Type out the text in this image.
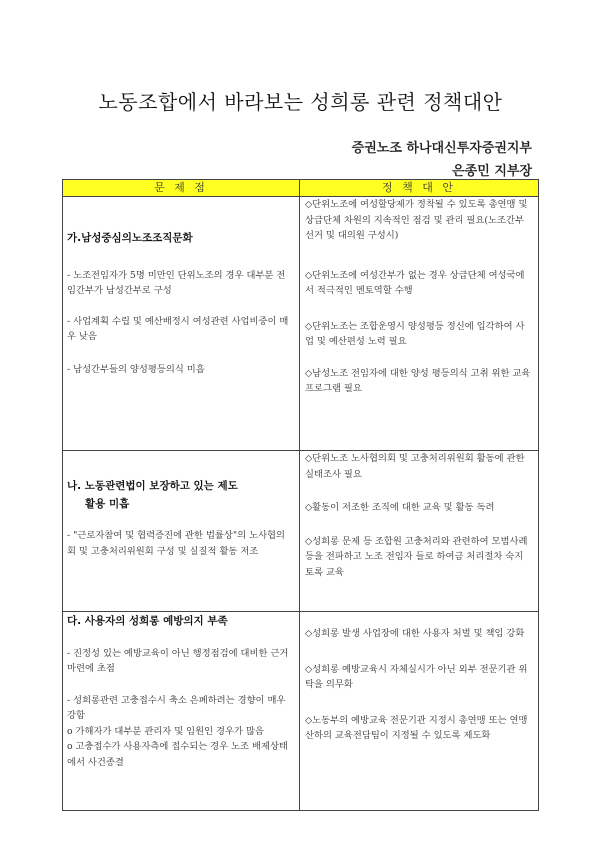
노동조합에서 바라보는 성희롱 관련 정책대안
증권노조 하나대신투자증권지부
은종민 지부장
문 제 점	정 책 대 안

가.남성중심의노조조직문화
- 노조전임자가 5명 미만인 단위노조의 경우 대부분 전임간부가 남성간부로 구성
- 사업계획 수립 및 예산배정시 여성관련 사업비중이 매우 낮음
- 남성간부들의 양성평등의식 미흡	◇단위노조에 여성할당제가 정착될 수 있도록 총연맹 및 상급단체 차원의 지속적인 점검 및 관리 필요(노조간부 선거 및 대의원 구성시)
◇단위노조에 여성간부가 없는 경우 상급단체 여성국에서 적극적인 멘토역할 수행
◇단위노조는 조합운영시 양성평등 정신에 입각하여 사업 및 예산편성 노력 필요
◇남성노조 전임자에 대한 양성 평등의식 고취 위한 교육프로그램 필요

나. 노동관련법이 보장하고 있는 제도
활용 미흡
- "근로자참여 및 협력증진에 관한 법률상"의 노사협의회 및 고충처리위원회 구성 및 실질적 활동 저조	◇단위노조 노사협의회 및 고충처리위원회 활동에 관한 실태조사 필요
◇활동이 저조한 조직에 대한 교육 및 활동 독려
◇성희롱 문제 등 조합원 고충처리와 관련하여 모범사례 등을 전파하고 노조 전임자 들로 하여금 처리절차 숙지토록 교육

다. 사용자의 성희롱 예방의지 부족
- 진정성 있는 예방교육이 아닌 행정점검에 대비한 근거마련에 초점
- 성희롱관련 고충접수시 축소 은폐하려는 경향이 매우 강함
o 가해자가 대부분 관리자 및 임원인 경우가 많음
o 고충접수가 사용자측에 접수되는 경우 노조 배제상태에서 사건종결	◇성희롱 발생 사업장에 대한 사용자 처벌 및 책임 강화
◇성희롱 예방교육시 자체실시가 아닌 외부 전문기관 위탁을 의무화
◇노동부의 예방교육 전문기관 지정시 총연맹 또는 연맹산하의 교육전담팀이 지정될 수 있도록 제도화
